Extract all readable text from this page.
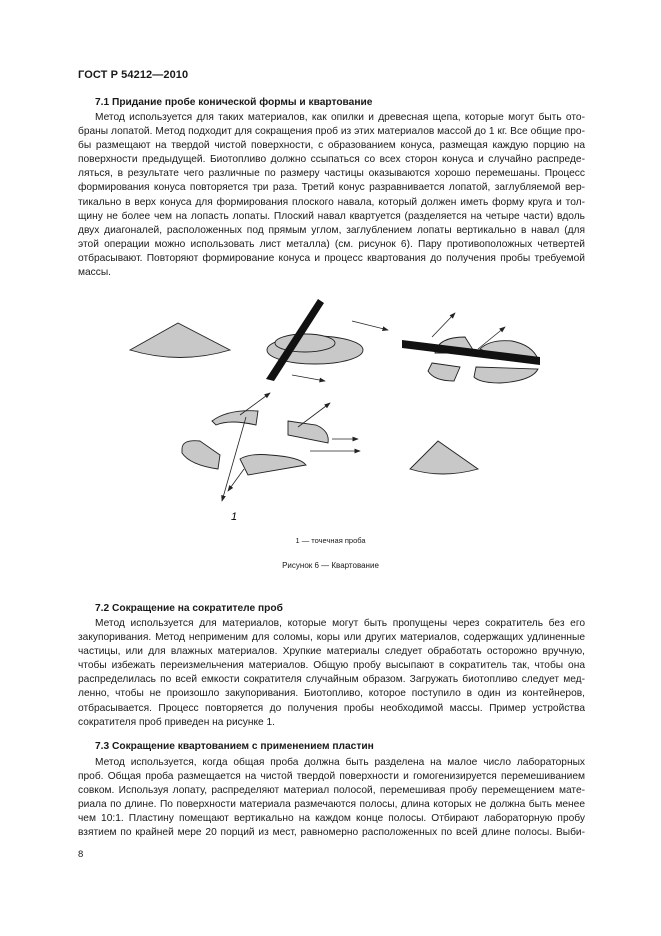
ГОСТ Р 54212—2010
7.1 Придание пробе конической формы и квартование
Метод используется для таких материалов, как опилки и древесная щепа, которые могут быть ото-
браны лопатой. Метод подходит для сокращения проб из этих материалов массой до 1 кг. Все общие про-
бы размещают на твердой чистой поверхности, с образованием конуса, размещая каждую порцию на
поверхности предыдущей. Биотопливо должно ссыпаться со всех сторон конуса и случайно распреде-
ляться, в результате чего различные по размеру частицы оказываются хорошо перемешаны. Процесс
формирования конуса повторяется три раза. Третий конус разравнивается лопатой, заглубляемой вер-
тикально в верх конуса для формирования плоского навала, который должен иметь форму круга и тол-
щину не более чем на лопасть лопаты. Плоский навал квартуется (разделяется на четыре части) вдоль
двух диагоналей, расположенных под прямым углом, заглублением лопаты вертикально в навал (для
этой операции можно использовать лист металла) (см. рисунок 6). Пару противоположных четвертей
отбрасывают. Повторяют формирование конуса и процесс квартования до получения пробы требуемой
массы.
1
1 — точечная проба
Рисунок 6 — Квартование
7.2 Сокращение на сократителе проб
Метод используется для материалов, которые могут быть пропущены через сократитель без его
закупоривания. Метод неприменим для соломы, коры или других материалов, содержащих удлиненные
частицы, или для влажных материалов. Хрупкие материалы следует обработать осторожно вручную,
чтобы избежать переизмельчения материалов. Общую пробу высыпают в сократитель так, чтобы она
распределилась по всей емкости сократителя случайным образом. Загружать биотопливо следует мед-
ленно, чтобы не произошло закупоривания. Биотопливо, которое поступило в один из контейнеров,
отбрасывается. Процесс повторяется до получения пробы необходимой массы. Пример устройства
сократителя проб приведен на рисунке 1.
7.3 Сокращение квартованием с применением пластин
Метод используется, когда общая проба должна быть разделена на малое число лабораторных
проб. Общая проба размещается на чистой твердой поверхности и гомогенизируется перемешиванием
совком. Используя лопату, распределяют материал полосой, перемешивая пробу перемещением мате-
риала по длине. По поверхности материала размечаются полосы, длина которых не должна быть менее
чем 10:1. Пластину помещают вертикально на каждом конце полосы. Отбирают лабораторную пробу
взятием по крайней мере 20 порций из мест, равномерно расположенных по всей длине полосы. Выби-
8
